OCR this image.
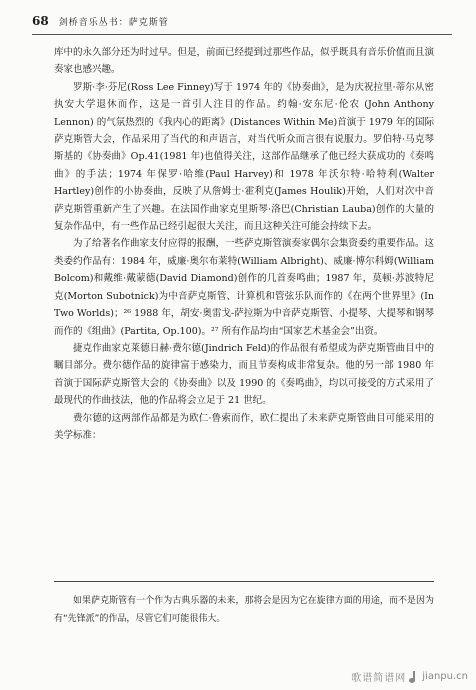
68 剑桥音乐丛书：萨克斯管

库中的永久部分还为时过早。但是，前面已经提到过那些作品，似乎既具有音乐价值而且演奏家也感兴趣。

罗斯·李·芬尼(Ross Lee Finney)写于 1974 年的《协奏曲》，是为庆祝拉里·蒂尔从密执安大学退休而作，这是一首引人注目的作品。约翰·安东尼·伦农 (John Anthony Lennon) 的气氛热烈的《我内心的距离》(Distances Within Me)首演于 1979 年的国际萨克斯管大会，作品采用了当代的和声语言，对当代听众而言很有说服力。罗伯特·马克琴斯基的《协奏曲》Op.41(1981 年)也值得关注，这部作品继承了他已经大获成功的《奏鸣曲》的手法；1974 年保罗·哈维(Paul Harvey)和 1978 年沃尔特·哈特利(Walter Hartley)创作的小协奏曲，反映了从詹姆士·霍利克(James Houlik)开始，人们对次中音萨克斯管重新产生了兴趣。在法国作曲家克里斯琴·洛巴(Christian Lauba)创作的大量的复杂作品中，有一些作品已经引起很大关注，而且这种关注可能会持续下去。

为了给著名作曲家支付应得的报酬，一些萨克斯管演奏家偶尔会集资委约重要作品。这类委约作品有：1984 年，威廉·奥尔布莱特(William Albright)、威廉·博尔科姆(William Bolcom)和戴维·戴蒙德(David Diamond)创作的几首奏鸣曲；1987 年，莫顿·苏波特尼克(Morton Subotnick)为中音萨克斯管、计算机和管弦乐队而作的《在两个世界里》(In Two Worlds)；²⁶ 1988 年，胡安·奥雷戈-萨拉斯为中音萨克斯管、小提琴、大提琴和钢琴而作的《组曲》(Partita, Op.100)。²⁷ 所有作品均由“国家艺术基金会”出资。

捷克作曲家克莱德日赫·费尔德(Jindrich Feld)的作品很有希望成为萨克斯管曲目中的瞩目部分。费尔德作品的旋律富于感染力，而且节奏构成非常复杂。他的另一部 1980 年首演于国际萨克斯管大会的《协奏曲》以及 1990 的《奏鸣曲》，均以可接受的方式采用了最现代的作曲技法，他的作品将会立足于 21 世纪。

费尔德的这两部作品都是为欧仁·鲁索而作，欧仁提出了未来萨克斯管曲目可能采用的美学标准：

如果萨克斯管有一个作为古典乐器的未来，那将会是因为它在旋律方面的用途，而不是因为有“先锋派”的作品，尽管它们可能很伟大。

歌谱简谱网 jianpu.cn
